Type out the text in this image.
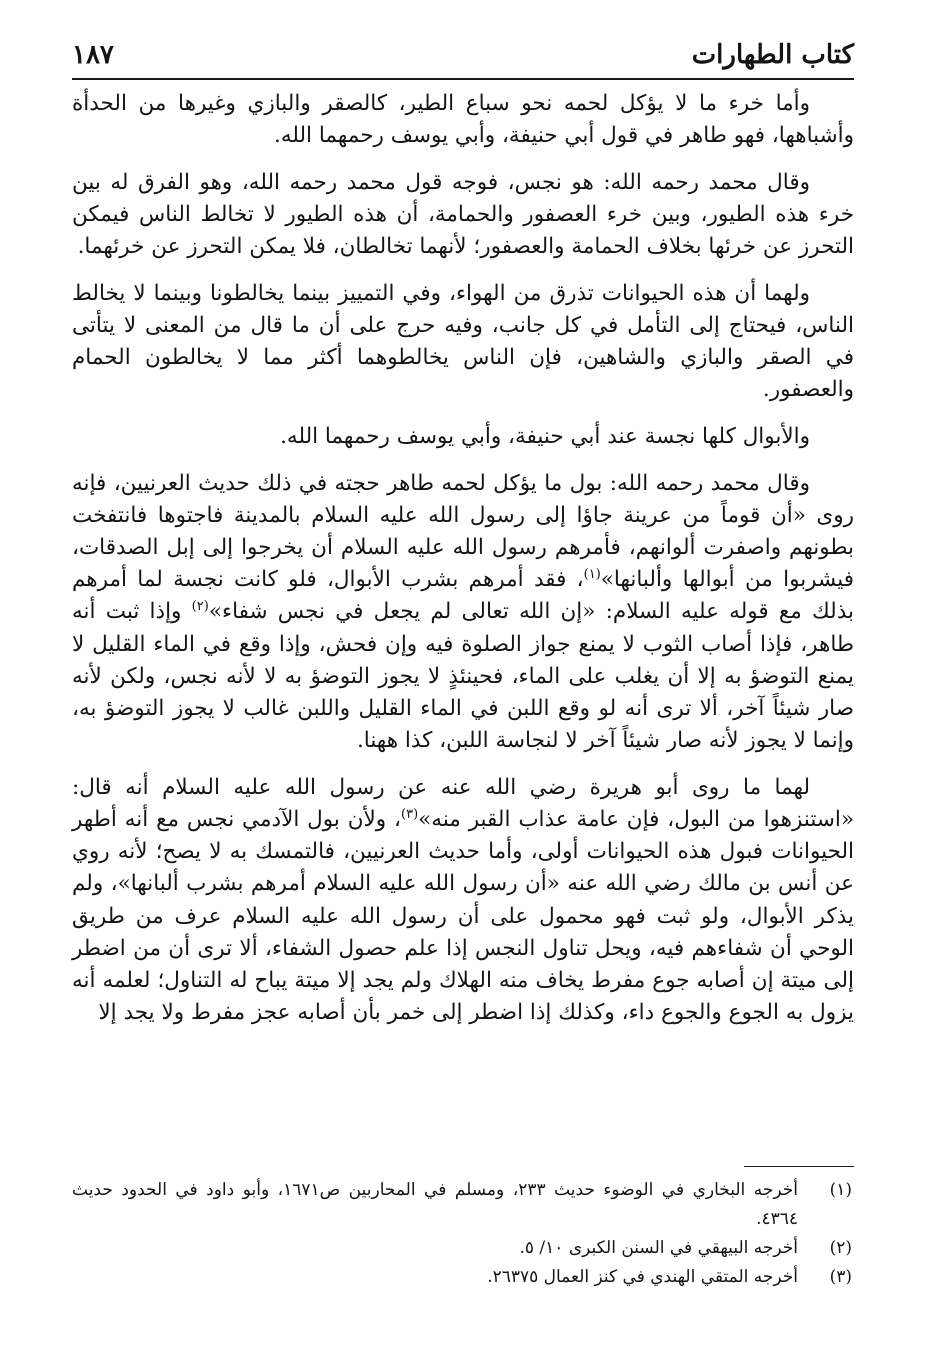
كتاب الطهارات
١٨٧

وأما خرء ما لا يؤكل لحمه نحو سباع الطير، كالصقر والبازي وغيرها من الحدأة وأشباهها، فهو طاهر في قول أبي حنيفة، وأبي يوسف رحمهما الله.

وقال محمد رحمه الله: هو نجس، فوجه قول محمد رحمه الله، وهو الفرق له بين خرء هذه الطيور، وبين خرء العصفور والحمامة، أن هذه الطيور لا تخالط الناس فيمكن التحرز عن خرئها بخلاف الحمامة والعصفور؛ لأنهما تخالطان، فلا يمكن التحرز عن خرئهما.

ولهما أن هذه الحيوانات تذرق من الهواء، وفي التمييز بينما يخالطونا وبينما لا يخالط الناس، فيحتاج إلى التأمل في كل جانب، وفيه حرج على أن ما قال من المعنى لا يتأتى في الصقر والبازي والشاهين، فإن الناس يخالطوهما أكثر مما لا يخالطون الحمام والعصفور.

والأبوال كلها نجسة عند أبي حنيفة، وأبي يوسف رحمهما الله.

وقال محمد رحمه الله: بول ما يؤكل لحمه طاهر حجته في ذلك حديث العرنيين، فإنه روى «أن قوماً من عرينة جاؤا إلى رسول الله عليه السلام بالمدينة فاجتوها فانتفخت بطونهم واصفرت ألوانهم، فأمرهم رسول الله عليه السلام أن يخرجوا إلى إبل الصدقات، فيشربوا من أبوالها وألبانها»$^{(١)}$، فقد أمرهم بشرب الأبوال، فلو كانت نجسة لما أمرهم بذلك مع قوله عليه السلام: «إن الله تعالى لم يجعل في نجس شفاء»$^{(٢)}$ وإذا ثبت أنه طاهر، فإذا أصاب الثوب لا يمنع جواز الصلوة فيه وإن فحش، وإذا وقع في الماء القليل لا يمنع التوضؤ به إلا أن يغلب على الماء، فحينئذٍ لا يجوز التوضؤ به لا لأنه نجس، ولكن لأنه صار شيئاً آخر، ألا ترى أنه لو وقع اللبن في الماء القليل واللبن غالب لا يجوز التوضؤ به، وإنما لا يجوز لأنه صار شيئاً آخر لا لنجاسة اللبن، كذا ههنا.

لهما ما روى أبو هريرة رضي الله عنه عن رسول الله عليه السلام أنه قال: «استنزهوا من البول، فإن عامة عذاب القبر منه»$^{(٣)}$، ولأن بول الآدمي نجس مع أنه أطهر الحيوانات فبول هذه الحيوانات أولى، وأما حديث العرنيين، فالتمسك به لا يصح؛ لأنه روي عن أنس بن مالك رضي الله عنه «أن رسول الله عليه السلام أمرهم بشرب ألبانها»، ولم يذكر الأبوال، ولو ثبت فهو محمول على أن رسول الله عليه السلام عرف من طريق الوحي أن شفاءهم فيه، ويحل تناول النجس إذا علم حصول الشفاء، ألا ترى أن من اضطر إلى ميتة إن أصابه جوع مفرط يخاف منه الهلاك ولم يجد إلا ميتة يباح له التناول؛ لعلمه أنه يزول به الجوع والجوع داء، وكذلك إذا اضطر إلى خمر بأن أصابه عجز مفرط ولا يجد إلا

(١)
أخرجه البخاري في الوضوء حديث ٢٣٣، ومسلم في المحاربين ص١٦٧١، وأبو داود في الحدود حديث ٤٣٦٤.
(٢)
أخرجه البيهقي في السنن الكبرى ١٠/ ٥.
(٣)
أخرجه المتقي الهندي في كنز العمال ٢٦٣٧٥.
